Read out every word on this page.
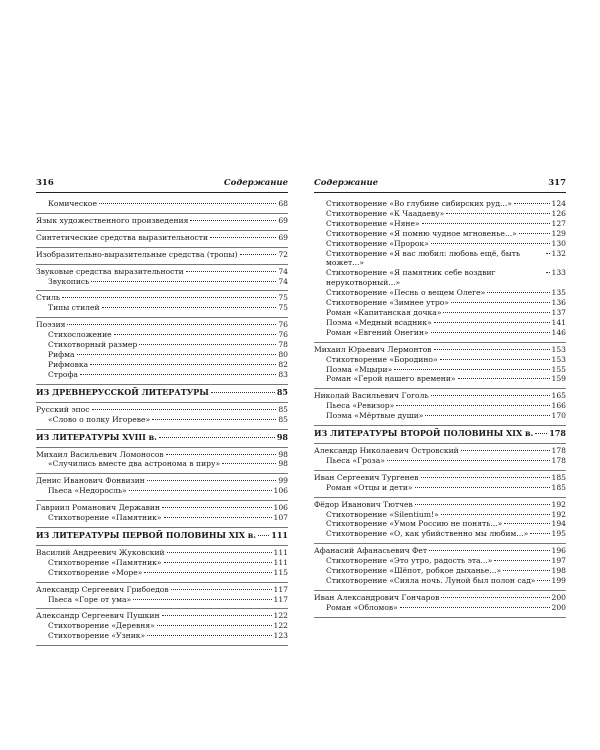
316	Содержание
Комическое	68
Язык художественного произведения	69
Синтетические средства выразительности	69
Изобразительно-выразительные средства (тропы)	72
Звуковые средства выразительности	74
Звукопись	74
Стиль	75
Типы стилей	75
Поэзия	76
Стихосложение	76
Стихотворный размер	78
Рифма	80
Рифмовка	82
Строфа	83
ИЗ ДРЕВНЕРУССКОЙ ЛИТЕРАТУРЫ	85
Русский эпос	85
«Слово о полку Игореве»	85
ИЗ ЛИТЕРАТУРЫ XVIII в.	98
Михаил Васильевич Ломоносов	98
«Случились вместе два астронома в пиру»	98
Денис Иванович Фонвизин	99
Пьеса «Недоросль»	106
Гавриил Романович Державин	106
Стихотворение «Памятник»	107
ИЗ ЛИТЕРАТУРЫ ПЕРВОЙ ПОЛОВИНЫ XIX в. 111
Василий Андреевич Жуковский	111
Стихотворение «Памятник»	111
Стихотворение «Море»	115
Александр Сергеевич Грибоедов	117
Пьеса «Горе от ума»	117
Александр Сергеевич Пушкин	122
Стихотворение «Деревня»	122
Стихотворение «Узник»	123
Содержание	317
Стихотворение «Во глубине сибирских руд...»	124
Стихотворение «К Чаадаеву»	126
Стихотворение «Няне»	127
Стихотворение «Я помню чудное мгновенье...»	129
Стихотворение «Пророк»	130
Стихотворение «Я вас любил: любовь ещё, быть может...»
132
Стихотворение «Я памятник себе воздвиг нерукотворный...»
133
Стихотворение «Песнь о вещем Олеге»	135
Стихотворение «Зимнее утро»	136
Роман «Капитанская дочка»	137
Поэма «Медный всадник»	141
Роман «Евгений Онегин»	146
Михаил Юрьевич Лермонтов	153
Стихотворение «Бородино»	153
Поэма «Мцыри»	155
Роман «Герой нашего времени»	159
Николай Васильевич Гоголь	165
Пьеса «Ревизор»	166
Поэма «Мёртвые души»	170
ИЗ ЛИТЕРАТУРЫ ВТОРОЙ ПОЛОВИНЫ XIX в. 178
Александр Николаевич Островский	178
Пьеса «Гроза»	178
Иван Сергеевич Тургенев	185
Роман «Отцы и дети»	185
Фёдор Иванович Тютчев	192
Стихотворение «Silentium!»	192
Стихотворение «Умом Россию не понять...»	194
Стихотворение «О, как убийственно мы любим...»	195
Афанасий Афанасьевич Фет	196
Стихотворение «Это утро, радость эта...»	197
Стихотворение «Шёпот, робкое дыханье...»	198
Стихотворение «Сияла ночь. Луной был полон сад» 199
Иван Александрович Гончаров	200
Роман «Обломов»	200
